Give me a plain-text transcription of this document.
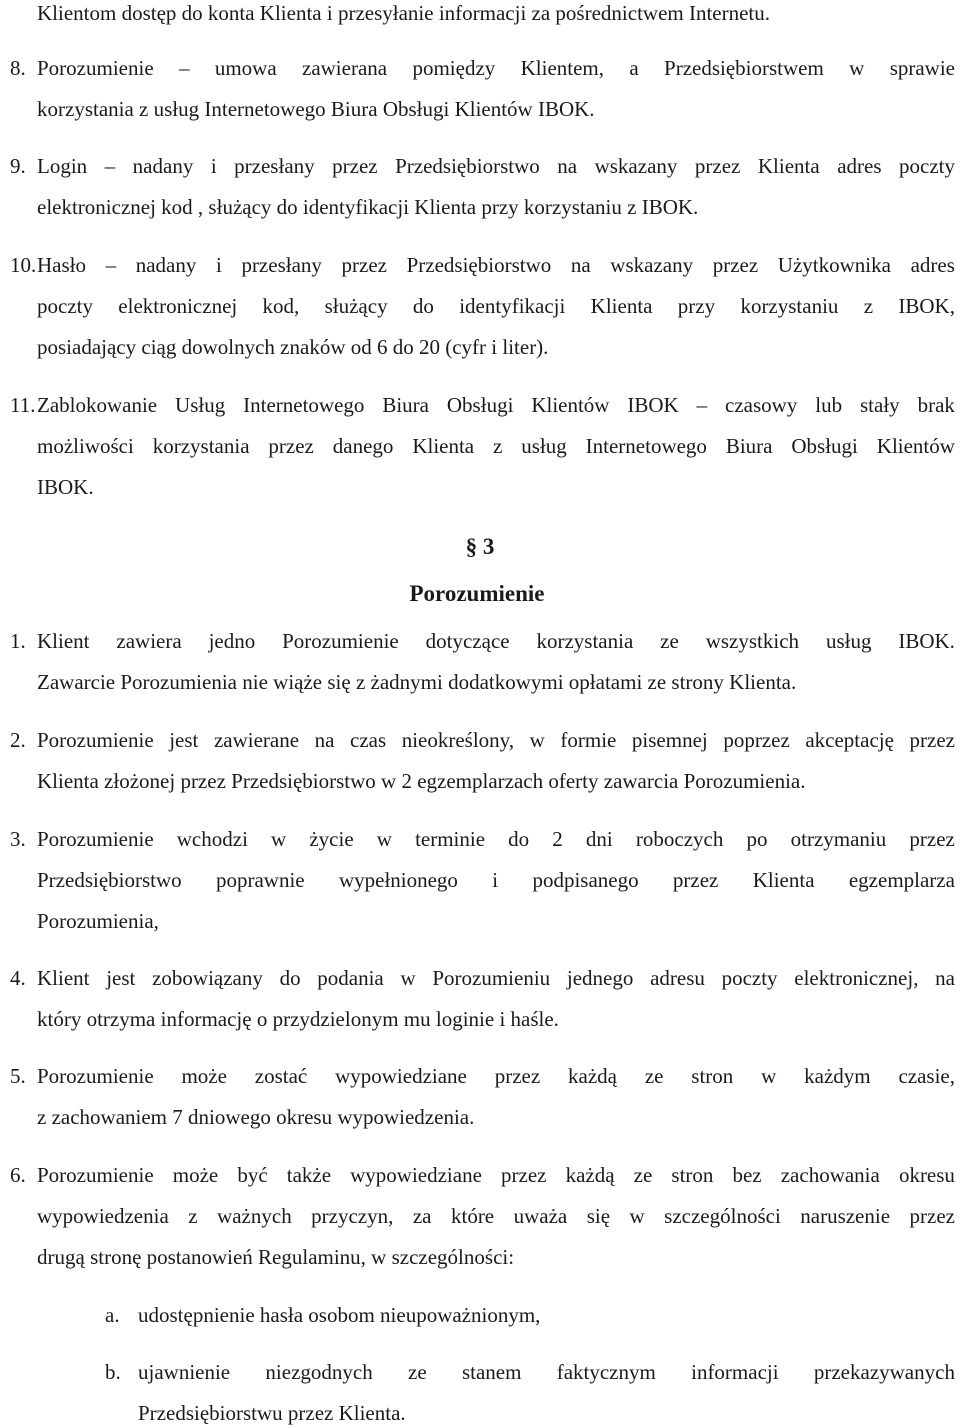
Klientom dostęp do konta Klienta i przesyłanie informacji za pośrednictwem Internetu.
8. Porozumienie – umowa zawierana pomiędzy Klientem, a Przedsiębiorstwem w sprawie
korzystania z usług Internetowego Biura Obsługi Klientów IBOK.
9. Login – nadany i przesłany przez Przedsiębiorstwo na wskazany przez Klienta adres poczty
elektronicznej kod , służący do identyfikacji Klienta przy korzystaniu z IBOK.
10. Hasło – nadany i przesłany przez Przedsiębiorstwo na wskazany przez Użytkownika adres
poczty elektronicznej kod, służący do identyfikacji Klienta przy korzystaniu z IBOK,
posiadający ciąg dowolnych znaków od 6 do 20 (cyfr i liter).
11. Zablokowanie Usług Internetowego Biura Obsługi Klientów IBOK – czasowy lub stały brak
możliwości korzystania przez danego Klienta z usług Internetowego Biura Obsługi Klientów
IBOK.
§ 3
Porozumienie
1. Klient zawiera jedno Porozumienie dotyczące korzystania ze wszystkich usług IBOK.
Zawarcie Porozumienia nie wiąże się z żadnymi dodatkowymi opłatami ze strony Klienta.
2. Porozumienie jest zawierane na czas nieokreślony, w formie pisemnej poprzez akceptację przez
Klienta złożonej przez Przedsiębiorstwo w 2 egzemplarzach oferty zawarcia Porozumienia.
3. Porozumienie wchodzi w życie w terminie do 2 dni roboczych po otrzymaniu przez
Przedsiębiorstwo poprawnie wypełnionego i podpisanego przez Klienta egzemplarza
Porozumienia,
4. Klient jest zobowiązany do podania w Porozumieniu jednego adresu poczty elektronicznej, na
który otrzyma informację o przydzielonym mu loginie i haśle.
5. Porozumienie może zostać wypowiedziane przez każdą ze stron w każdym czasie,
z zachowaniem 7 dniowego okresu wypowiedzenia.
6. Porozumienie może być także wypowiedziane przez każdą ze stron bez zachowania okresu
wypowiedzenia z ważnych przyczyn, za które uważa się w szczególności naruszenie przez
drugą stronę postanowień Regulaminu, w szczególności:
a. udostępnienie hasła osobom nieupoważnionym,
b. ujawnienie niezgodnych ze stanem faktycznym informacji przekazywanych
Przedsiębiorstwu przez Klienta.
